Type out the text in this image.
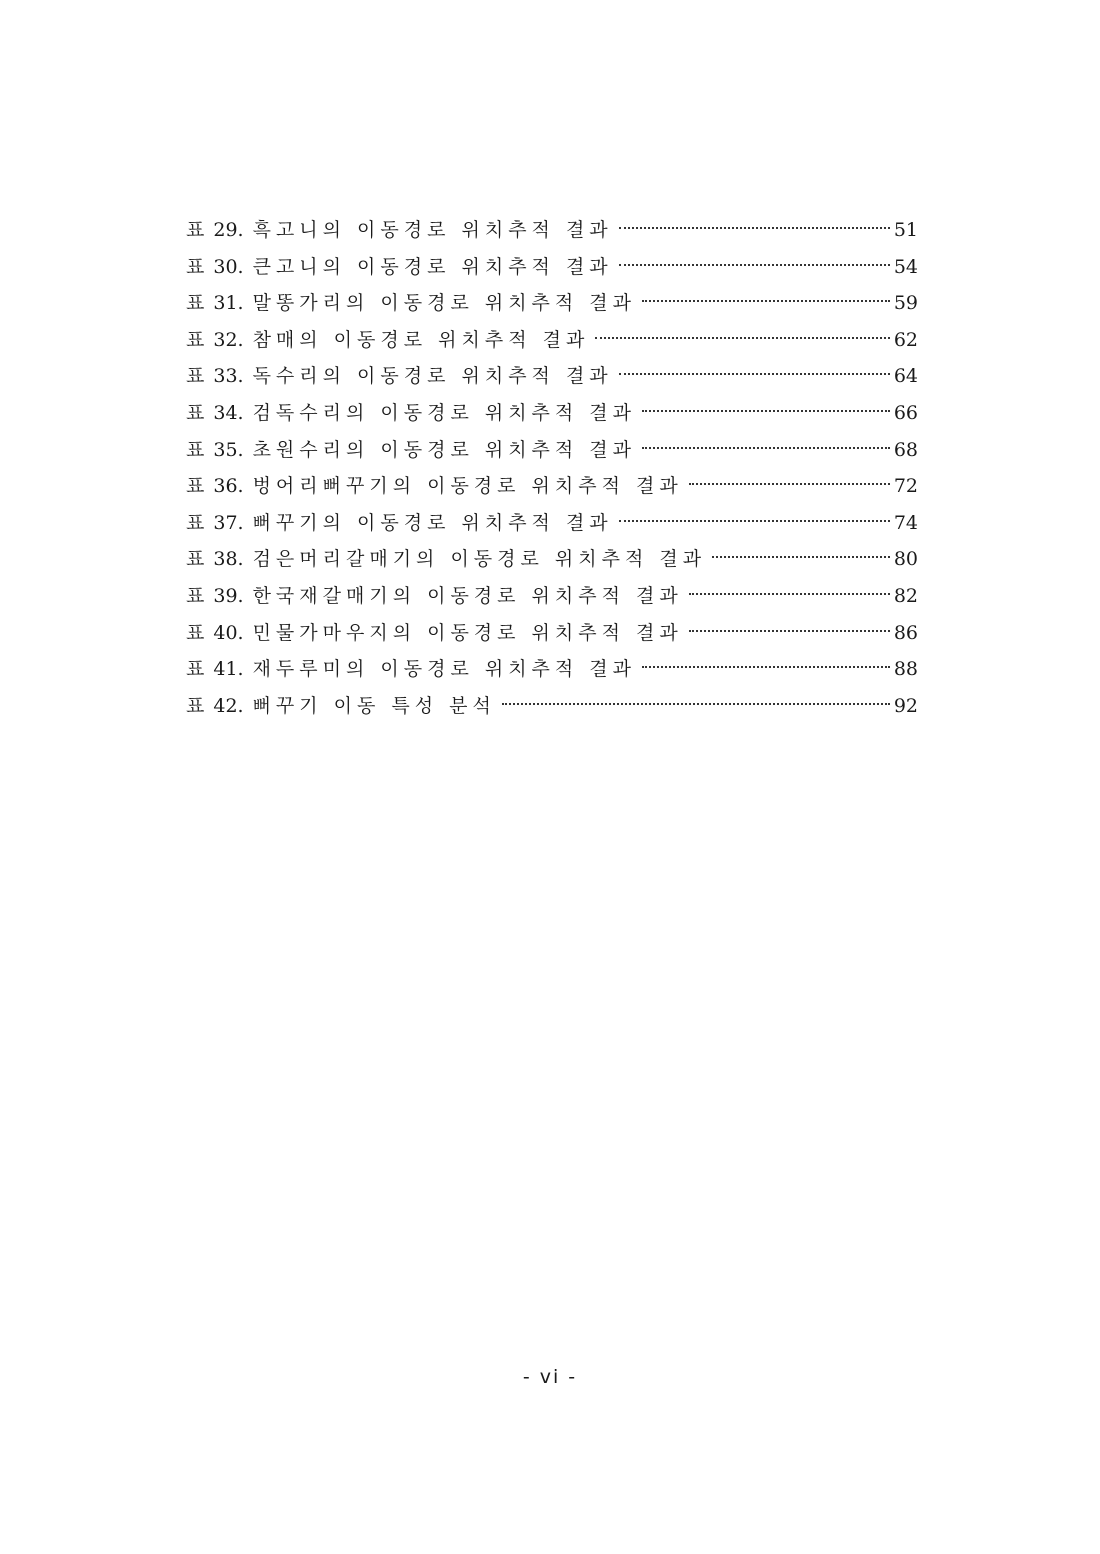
표 29. 흑고니의 이동경로 위치추적 결과	51
표 30. 큰고니의 이동경로 위치추적 결과	54
표 31. 말똥가리의 이동경로 위치추적 결과	59
표 32. 참매의 이동경로 위치추적 결과	62
표 33. 독수리의 이동경로 위치추적 결과	64
표 34. 검독수리의 이동경로 위치추적 결과	66
표 35. 초원수리의 이동경로 위치추적 결과	68
표 36. 벙어리뻐꾸기의 이동경로 위치추적 결과	72
표 37. 뻐꾸기의 이동경로 위치추적 결과	74
표 38. 검은머리갈매기의 이동경로 위치추적 결과	80
표 39. 한국재갈매기의 이동경로 위치추적 결과	82
표 40. 민물가마우지의 이동경로 위치추적 결과	86
표 41. 재두루미의 이동경로 위치추적 결과	88
표 42. 뻐꾸기 이동 특성 분석	92
- vi -
